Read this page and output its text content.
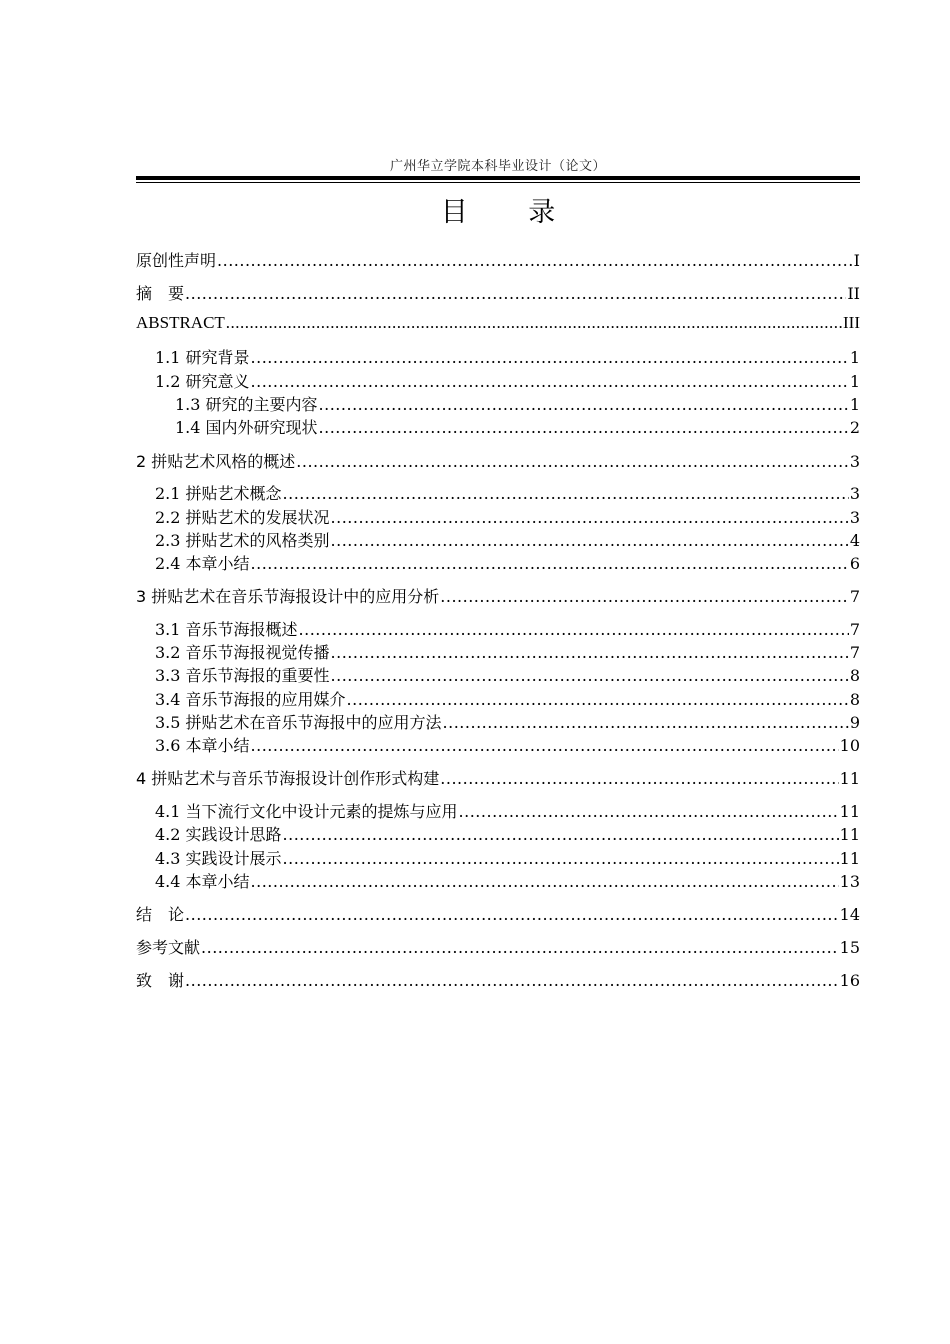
广州华立学院本科毕业设计（论文）
目 录
原创性声明 .....	I
摘　要 .....	II
ABSTRACT .....	III
1.1 研究背景 .....	1
1.2 研究意义 .....	1
1.3 研究的主要内容 .....	1
1.4 国内外研究现状 .....	2
2 拼贴艺术风格的概述 .....	3
2.1 拼贴艺术概念 .....	3
2.2 拼贴艺术的发展状况 .....	3
2.3 拼贴艺术的风格类别 .....	4
2.4 本章小结 .....	6
3 拼贴艺术在音乐节海报设计中的应用分析 .....	7
3.1 音乐节海报概述 .....	7
3.2 音乐节海报视觉传播 .....	7
3.3 音乐节海报的重要性 .....	8
3.4 音乐节海报的应用媒介 .....	8
3.5 拼贴艺术在音乐节海报中的应用方法 .....	9
3.6 本章小结 .....	10
4 拼贴艺术与音乐节海报设计创作形式构建 .....	11
4.1 当下流行文化中设计元素的提炼与应用 .....	11
4.2 实践设计思路 .....	11
4.3 实践设计展示 .....	11
4.4 本章小结 .....	13
结　论 .....	14
参考文献 .....	15
致　谢 .....	16
